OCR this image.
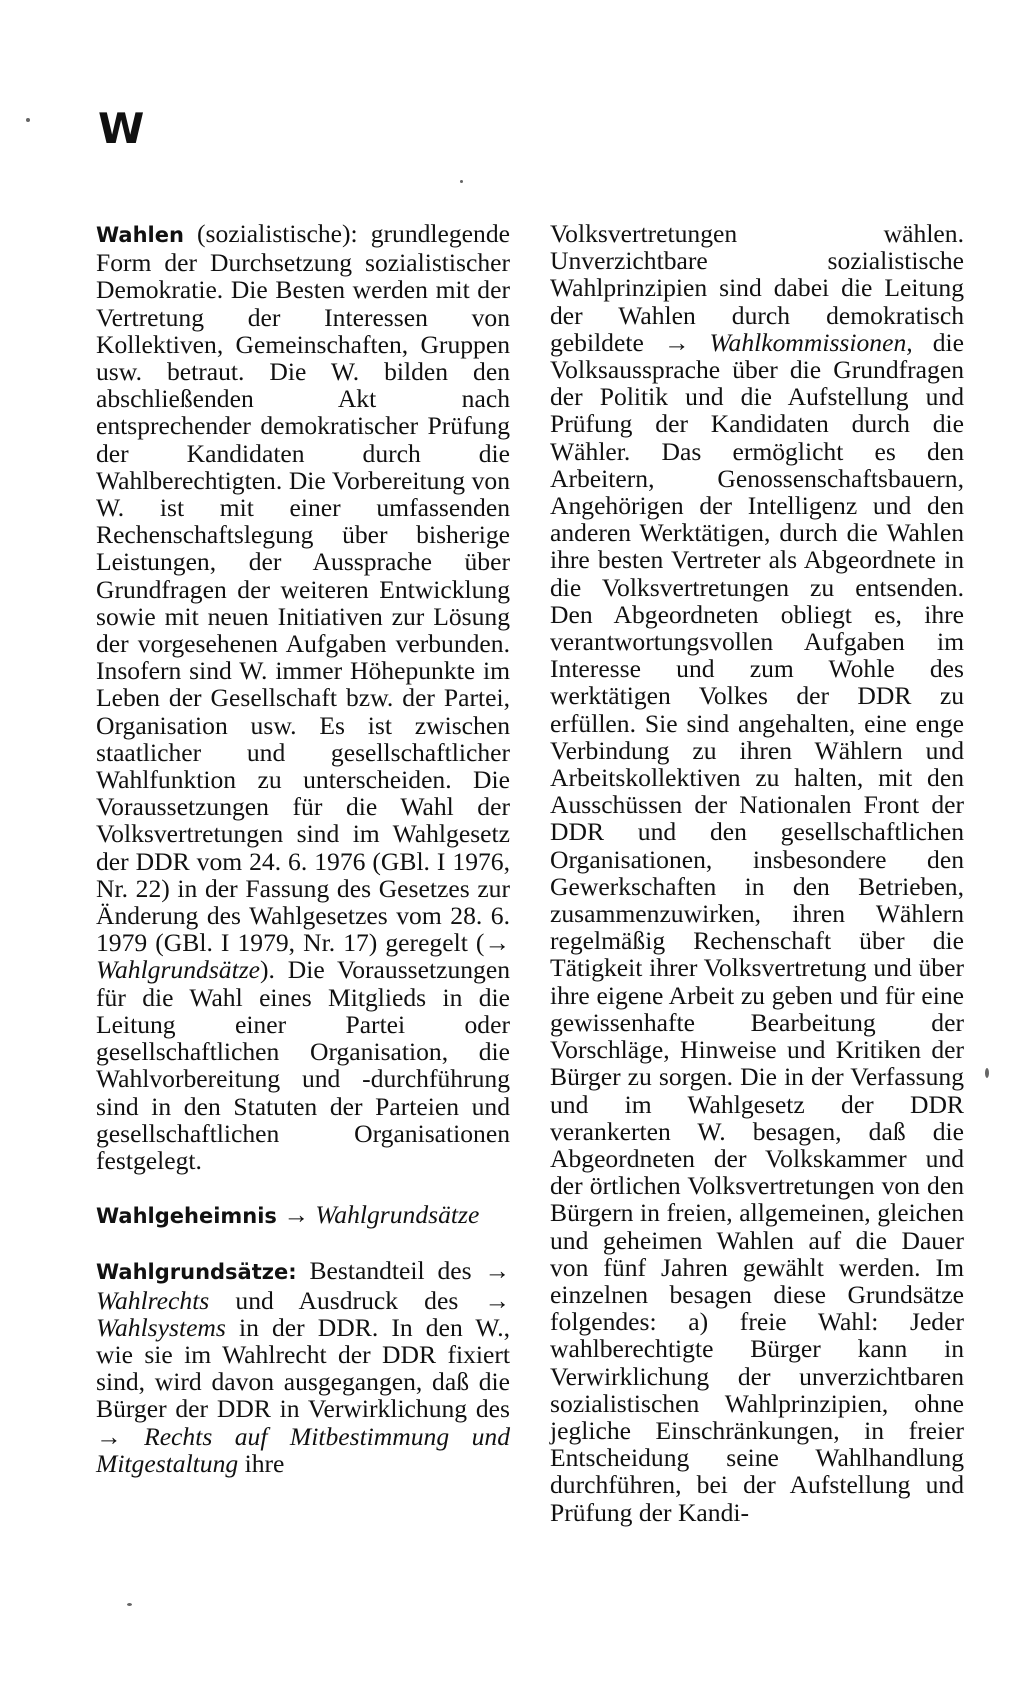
W

Wahlen (sozialistische): grundlegende Form der Durchsetzung sozialistischer Demokratie. Die Besten werden mit der Vertretung der Interessen von Kollektiven, Gemeinschaften, Gruppen usw. betraut. Die W. bilden den abschließenden Akt nach entsprechender demokratischer Prüfung der Kandidaten durch die Wahlberechtigten. Die Vorbereitung von W. ist mit einer umfassenden Rechenschaftslegung über bisherige Leistungen, der Aussprache über Grundfragen der weiteren Entwicklung sowie mit neuen Initiativen zur Lösung der vorgesehenen Aufgaben verbunden. Insofern sind W. immer Höhepunkte im Leben der Gesellschaft bzw. der Partei, Organisation usw. Es ist zwischen staatlicher und gesellschaftlicher Wahlfunktion zu unterscheiden. Die Voraussetzungen für die Wahl der Volksvertretungen sind im Wahlgesetz der DDR vom 24. 6. 1976 (GBl. I 1976, Nr. 22) in der Fassung des Gesetzes zur Änderung des Wahlgesetzes vom 28. 6. 1979 (GBl. I 1979, Nr. 17) geregelt (→ Wahlgrundsätze). Die Voraussetzungen für die Wahl eines Mitglieds in die Leitung einer Partei oder gesellschaftlichen Organisation, die Wahlvorbereitung und -durchführung sind in den Statuten der Parteien und gesellschaftlichen Organisationen festgelegt.

Wahlgeheimnis → Wahlgrundsätze

Wahlgrundsätze: Bestandteil des → Wahlrechts und Ausdruck des → Wahlsystems in der DDR. In den W., wie sie im Wahlrecht der DDR fixiert sind, wird davon ausgegangen, daß die Bürger der DDR in Verwirklichung des → Rechts auf Mitbestimmung und Mitgestaltung ihre

Volksvertretungen wählen. Unverzichtbare sozialistische Wahlprinzipien sind dabei die Leitung der Wahlen durch demokratisch gebildete → Wahlkommissionen, die Volksaussprache über die Grundfragen der Politik und die Aufstellung und Prüfung der Kandidaten durch die Wähler. Das ermöglicht es den Arbeitern, Genossenschaftsbauern, Angehörigen der Intelligenz und den anderen Werktätigen, durch die Wahlen ihre besten Vertreter als Abgeordnete in die Volksvertretungen zu entsenden. Den Abgeordneten obliegt es, ihre verantwortungsvollen Aufgaben im Interesse und zum Wohle des werktätigen Volkes der DDR zu erfüllen. Sie sind angehalten, eine enge Verbindung zu ihren Wählern und Arbeitskollektiven zu halten, mit den Ausschüssen der Nationalen Front der DDR und den gesellschaftlichen Organisationen, insbesondere den Gewerkschaften in den Betrieben, zusammenzuwirken, ihren Wählern regelmäßig Rechenschaft über die Tätigkeit ihrer Volksvertretung und über ihre eigene Arbeit zu geben und für eine gewissenhafte Bearbeitung der Vorschläge, Hinweise und Kritiken der Bürger zu sorgen. Die in der Verfassung und im Wahlgesetz der DDR verankerten W. besagen, daß die Abgeordneten der Volkskammer und der örtlichen Volksvertretungen von den Bürgern in freien, allgemeinen, gleichen und geheimen Wahlen auf die Dauer von fünf Jahren gewählt werden. Im einzelnen besagen diese Grundsätze folgendes: a) freie Wahl: Jeder wahlberechtigte Bürger kann in Verwirklichung der unverzichtbaren sozialistischen Wahlprinzipien, ohne jegliche Einschränkungen, in freier Entscheidung seine Wahlhandlung durchführen, bei der Aufstellung und Prüfung der Kandi-
